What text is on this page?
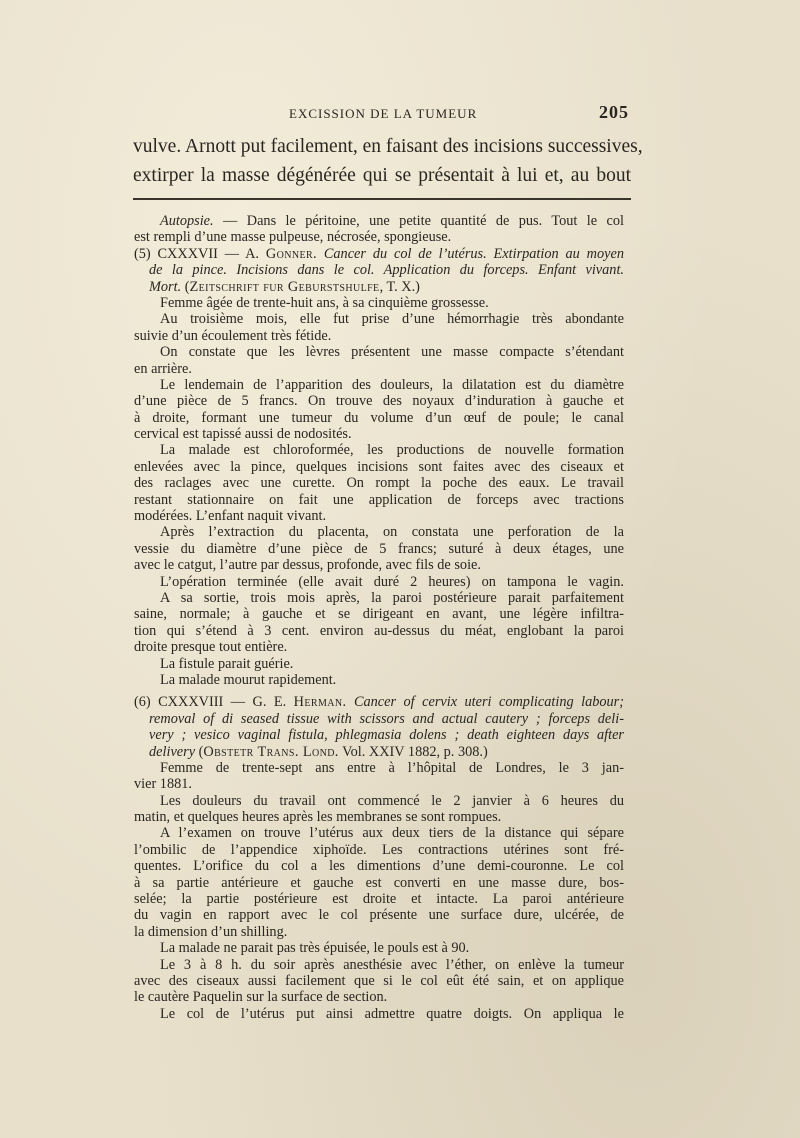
EXCISSION DE LA TUMEUR	205
vulve. Arnott put facilement, en faisant des incisions successives,
extirper la masse dégénérée qui se présentait à lui et, au bout
Autopsie. — Dans le péritoine, une petite quantité de pus. Tout le col
est rempli d’une masse pulpeuse, nécrosée, spongieuse.
(5) CXXXVII — A. Gonner. Cancer du col de l’utérus. Extirpation au moyen
de la pince. Incisions dans le col. Application du forceps. Enfant vivant.
Mort. (Zeitschrift fur Geburstshulfe, T. X.)
Femme âgée de trente-huit ans, à sa cinquième grossesse.
Au troisième mois, elle fut prise d’une hémorrhagie très abondante
suivie d’un écoulement très fétide.
On constate que les lèvres présentent une masse compacte s’étendant
en arrière.
Le lendemain de l’apparition des douleurs, la dilatation est du diamètre
d’une pièce de 5 francs. On trouve des noyaux d’induration à gauche et
à droite, formant une tumeur du volume d’un œuf de poule; le canal
cervical est tapissé aussi de nodosités.
La malade est chloroformée, les productions de nouvelle formation
enlevées avec la pince, quelques incisions sont faites avec des ciseaux et
des raclages avec une curette. On rompt la poche des eaux. Le travail
restant stationnaire on fait une application de forceps avec tractions
modérées. L’enfant naquit vivant.
Après l’extraction du placenta, on constata une perforation de la
vessie du diamètre d’une pièce de 5 francs; suturé à deux étages, une
avec le catgut, l’autre par dessus, profonde, avec fils de soie.
L’opération terminée (elle avait duré 2 heures) on tampona le vagin.
A sa sortie, trois mois après, la paroi postérieure parait parfaitement
saine, normale; à gauche et se dirigeant en avant, une légère infiltra-
tion qui s’étend à 3 cent. environ au-dessus du méat, englobant la paroi
droite presque tout entière.
La fistule parait guérie.
La malade mourut rapidement.
(6) CXXXVIII — G. E. Herman. Cancer of cervix uteri complicating labour;
removal of di seased tissue with scissors and actual cautery ; forceps deli-
very ; vesico vaginal fistula, phlegmasia dolens ; death eighteen days after
delivery (Obstetr Trans. Lond. Vol. XXIV 1882, p. 308.)
Femme de trente-sept ans entre à l’hôpital de Londres, le 3 jan-
vier 1881.
Les douleurs du travail ont commencé le 2 janvier à 6 heures du
matin, et quelques heures après les membranes se sont rompues.
A l’examen on trouve l’utérus aux deux tiers de la distance qui sépare
l’ombilic de l’appendice xiphoïde. Les contractions utérines sont fré-
quentes. L’orifice du col a les dimentions d’une demi-couronne. Le col
à sa partie antérieure et gauche est converti en une masse dure, bos-
selée; la partie postérieure est droite et intacte. La paroi antérieure
du vagin en rapport avec le col présente une surface dure, ulcérée, de
la dimension d’un shilling.
La malade ne parait pas très épuisée, le pouls est à 90.
Le 3 à 8 h. du soir après anesthésie avec l’éther, on enlève la tumeur
avec des ciseaux aussi facilement que si le col eût été sain, et on applique
le cautère Paquelin sur la surface de section.
Le col de l’utérus put ainsi admettre quatre doigts. On appliqua le
